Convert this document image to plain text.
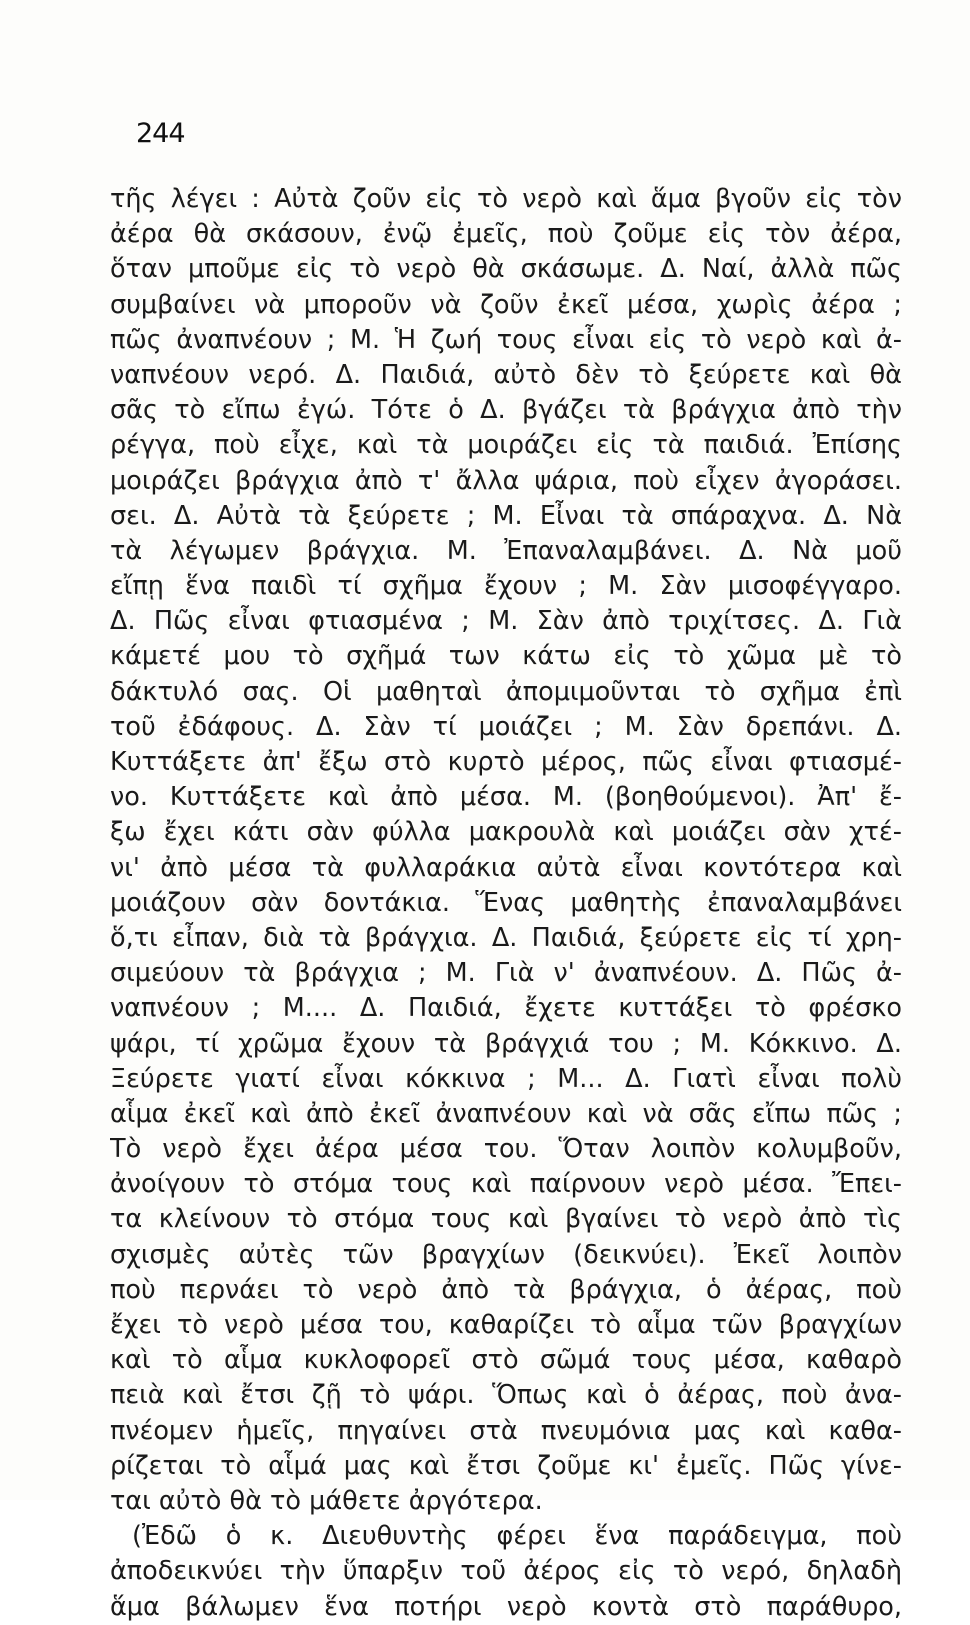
244
τῆς λέγει : Αὐτὰ ζοῦν εἰς τὸ νερὸ καὶ ἅμα βγοῦν εἰς τὸν
ἀέρα θὰ σκάσουν, ἐνῷ ἐμεῖς, ποὺ ζοῦμε εἰς τὸν ἀέρα,
ὅταν μποῦμε εἰς τὸ νερὸ θὰ σκάσωμε. Δ. Ναί, ἀλλὰ πῶς
συμβαίνει νὰ μποροῦν νὰ ζοῦν ἐκεῖ μέσα, χωρὶς ἀέρα ;
πῶς ἀναπνέουν ; Μ. Ἡ ζωή τους εἶναι εἰς τὸ νερὸ καὶ ἀ-
ναπνέουν νερό. Δ. Παιδιά, αὐτὸ δὲν τὸ ξεύρετε καὶ θὰ
σᾶς τὸ εἴπω ἐγώ. Τότε ὁ Δ. βγάζει τὰ βράγχια ἀπὸ τὴν
ρέγγα, ποὺ εἶχε, καὶ τὰ μοιράζει εἰς τὰ παιδιά. Ἐπίσης
μοιράζει βράγχια ἀπὸ τ' ἄλλα ψάρια, ποὺ εἶχεν ἀγοράσει.
σει. Δ. Αὐτὰ τὰ ξεύρετε ; Μ. Εἶναι τὰ σπάραχνα. Δ. Νὰ
τὰ λέγωμεν βράγχια. Μ. Ἐπαναλαμβάνει. Δ. Νὰ μοῦ
εἴπῃ ἕνα παιδὶ τί σχῆμα ἔχουν ; Μ. Σὰν μισοφέγγαρο.
Δ. Πῶς εἶναι φτιασμένα ; Μ. Σὰν ἀπὸ τριχίτσες. Δ. Γιὰ
κάμετέ μου τὸ σχῆμά των κάτω εἰς τὸ χῶμα μὲ τὸ
δάκτυλό σας. Οἱ μαθηταὶ ἀπομιμοῦνται τὸ σχῆμα ἐπὶ
τοῦ ἐδάφους. Δ. Σὰν τί μοιάζει ; Μ. Σὰν δρεπάνι. Δ.
Κυττάξετε ἀπ' ἔξω στὸ κυρτὸ μέρος, πῶς εἶναι φτιασμέ-
νο. Κυττάξετε καὶ ἀπὸ μέσα. Μ. (βοηθούμενοι). Ἀπ' ἔ-
ξω ἔχει κάτι σὰν φύλλα μακρουλὰ καὶ μοιάζει σὰν χτέ-
νι' ἀπὸ μέσα τὰ φυλλαράκια αὐτὰ εἶναι κοντότερα καὶ
μοιάζουν σὰν δοντάκια. Ἕνας μαθητὴς ἐπαναλαμβάνει
ὅ,τι εἶπαν, διὰ τὰ βράγχια. Δ. Παιδιά, ξεύρετε εἰς τί χρη-
σιμεύουν τὰ βράγχια ; Μ. Γιὰ ν' ἀναπνέουν. Δ. Πῶς ἀ-
ναπνέουν ; Μ.... Δ. Παιδιά, ἔχετε κυττάξει τὸ φρέσκο
ψάρι, τί χρῶμα ἔχουν τὰ βράγχιά του ; Μ. Κόκκινο. Δ.
Ξεύρετε γιατί εἶναι κόκκινα ; Μ... Δ. Γιατὶ εἶναι πολὺ
αἷμα ἐκεῖ καὶ ἀπὸ ἐκεῖ ἀναπνέουν καὶ νὰ σᾶς εἴπω πῶς ;
Τὸ νερὸ ἔχει ἀέρα μέσα του. Ὅταν λοιπὸν κολυμβοῦν,
ἀνοίγουν τὸ στόμα τους καὶ παίρνουν νερὸ μέσα. Ἔπει-
τα κλείνουν τὸ στόμα τους καὶ βγαίνει τὸ νερὸ ἀπὸ τὶς
σχισμὲς αὐτὲς τῶν βραγχίων (δεικνύει). Ἐκεῖ λοιπὸν
ποὺ περνάει τὸ νερὸ ἀπὸ τὰ βράγχια, ὁ ἀέρας, ποὺ
ἔχει τὸ νερὸ μέσα του, καθαρίζει τὸ αἷμα τῶν βραγχίων
καὶ τὸ αἷμα κυκλοφορεῖ στὸ σῶμά τους μέσα, καθαρὸ
πειὰ καὶ ἔτσι ζῇ τὸ ψάρι. Ὅπως καὶ ὁ ἀέρας, ποὺ ἀνα-
πνέομεν ἡμεῖς, πηγαίνει στὰ πνευμόνια μας καὶ καθα-
ρίζεται τὸ αἷμά μας καὶ ἔτσι ζοῦμε κι' ἐμεῖς. Πῶς γίνε-
ται αὐτὸ θὰ τὸ μάθετε ἀργότερα.
(Ἐδῶ ὁ κ. Διευθυντὴς φέρει ἕνα παράδειγμα, ποὺ
ἀποδεικνύει τὴν ὕπαρξιν τοῦ ἀέρος εἰς τὸ νερό, δηλαδὴ
ἅμα βάλωμεν ἕνα ποτήρι νερὸ κοντὰ στὸ παράθυρο,
